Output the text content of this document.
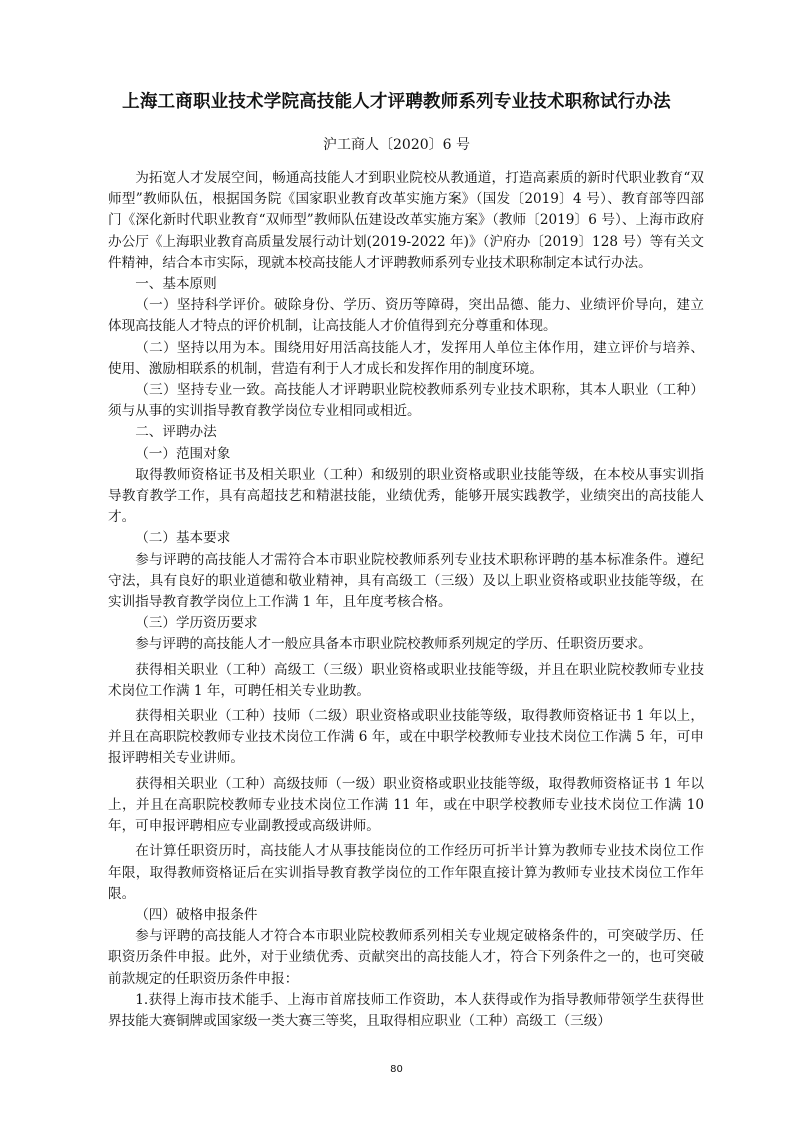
上海工商职业技术学院高技能人才评聘教师系列专业技术职称试行办法
沪工商人〔2020〕6 号

为拓宽人才发展空间，畅通高技能人才到职业院校从教通道，打造高素质的新时代职业教育“双师型”教师队伍，根据国务院《国家职业教育改革实施方案》（国发〔2019〕4 号）、教育部等四部门《深化新时代职业教育“双师型”教师队伍建设改革实施方案》（教师〔2019〕6 号）、上海市政府办公厅《上海职业教育高质量发展行动计划(2019-2022 年)》（沪府办〔2019〕128 号）等有关文件精神，结合本市实际，现就本校高技能人才评聘教师系列专业技术职称制定本试行办法。

一、基本原则

（一）坚持科学评价。破除身份、学历、资历等障碍，突出品德、能力、业绩评价导向，建立体现高技能人才特点的评价机制，让高技能人才价值得到充分尊重和体现。

（二）坚持以用为本。围绕用好用活高技能人才，发挥用人单位主体作用，建立评价与培养、使用、激励相联系的机制，营造有利于人才成长和发挥作用的制度环境。

（三）坚持专业一致。高技能人才评聘职业院校教师系列专业技术职称，其本人职业（工种）须与从事的实训指导教育教学岗位专业相同或相近。

二、评聘办法

（一）范围对象

取得教师资格证书及相关职业（工种）和级别的职业资格或职业技能等级，在本校从事实训指导教育教学工作，具有高超技艺和精湛技能，业绩优秀，能够开展实践教学，业绩突出的高技能人才。

（二）基本要求

参与评聘的高技能人才需符合本市职业院校教师系列专业技术职称评聘的基本标准条件。遵纪守法，具有良好的职业道德和敬业精神，具有高级工（三级）及以上职业资格或职业技能等级，在实训指导教育教学岗位上工作满 1 年，且年度考核合格。

（三）学历资历要求

参与评聘的高技能人才一般应具备本市职业院校教师系列规定的学历、任职资历要求。

获得相关职业（工种）高级工（三级）职业资格或职业技能等级，并且在职业院校教师专业技术岗位工作满 1 年，可聘任相关专业助教。

获得相关职业（工种）技师（二级）职业资格或职业技能等级，取得教师资格证书 1 年以上，并且在高职院校教师专业技术岗位工作满 6 年，或在中职学校教师专业技术岗位工作满 5 年，可申报评聘相关专业讲师。

获得相关职业（工种）高级技师（一级）职业资格或职业技能等级，取得教师资格证书 1 年以上，并且在高职院校教师专业技术岗位工作满 11 年，或在中职学校教师专业技术岗位工作满 10 年，可申报评聘相应专业副教授或高级讲师。

在计算任职资历时，高技能人才从事技能岗位的工作经历可折半计算为教师专业技术岗位工作年限，取得教师资格证后在实训指导教育教学岗位的工作年限直接计算为教师专业技术岗位工作年限。

（四）破格申报条件

参与评聘的高技能人才符合本市职业院校教师系列相关专业规定破格条件的，可突破学历、任职资历条件申报。此外，对于业绩优秀、贡献突出的高技能人才，符合下列条件之一的，也可突破前款规定的任职资历条件申报：

1.获得上海市技术能手、上海市首席技师工作资助，本人获得或作为指导教师带领学生获得世界技能大赛铜牌或国家级一类大赛三等奖，且取得相应职业（工种）高级工（三级）

80
